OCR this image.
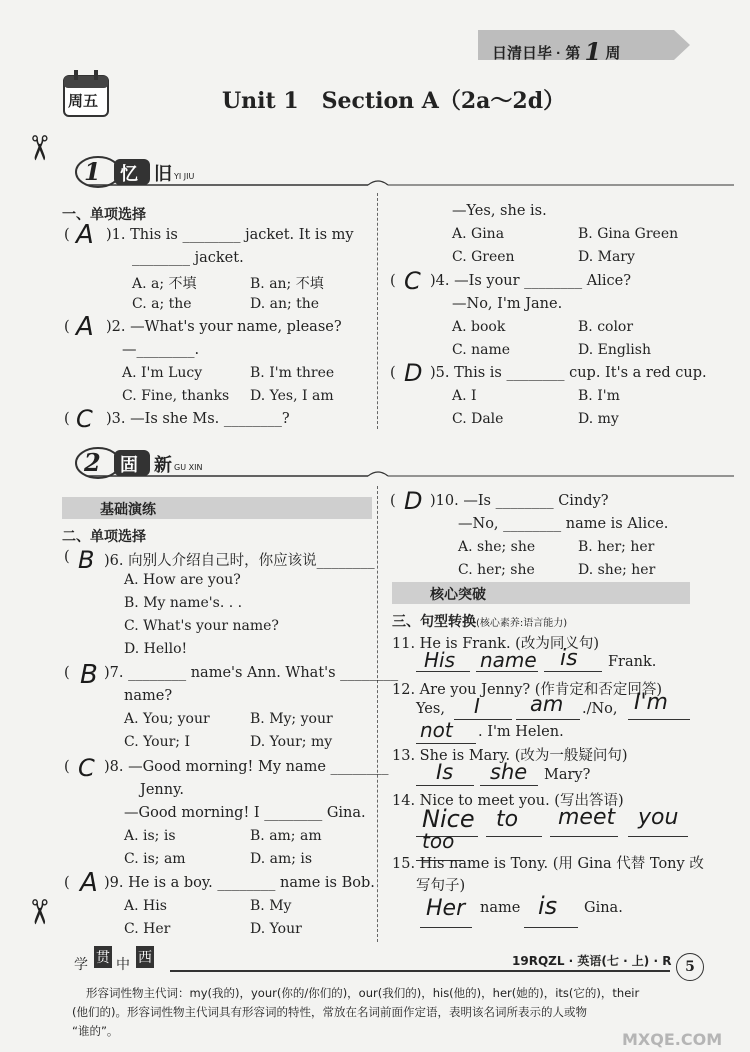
日清日毕 · 第 1 周
周五	Unit 1   Section A（2a～2d）
✂
✂
1 忆 旧 YI JIU
一、单项选择
( A )1. This is ________ jacket. It is my
________ jacket.
A. a; 不填	B. an; 不填
C. a; the	D. an; the
( A )2. —What's your name, please?
—________.
A. I'm Lucy	B. I'm three
C. Fine, thanks D. Yes, I am
( C )3. —Is she Ms. ________?
—Yes, she is.
A. Gina	B. Gina Green
C. Green	D. Mary
( C )4. —Is your ________ Alice?
—No, I'm Jane.
A. book	B. color
C. name	D. English
( D )5. This is ________ cup. It's a red cup.
A. I	B. I'm
C. Dale	D. my
2 固 新 GU XIN
基础演练
二、单项选择
( B )6. 向别人介绍自己时，你应该说________
A. How are you?
B. My name's. . .
C. What's your name?
D. Hello!
( B )7. ________ name's Ann. What's ________
name?
A. You; your	B. My; your
C. Your; I	D. Your; my
( C )8. —Good morning! My name ________
Jenny.
—Good morning! I ________ Gina.
A. is; is	B. am; am
C. is; am	D. am; is
( A )9. He is a boy. ________ name is Bob.
A. His	B. My
C. Her	D. Your
( D )10. —Is ________ Cindy?
—No, ________ name is Alice.
A. she; she	B. her; her
C. her; she	D. she; her
核心突破
三、句型转换(核心素养:语言能力)
11. He is Frank. (改为同义句)
His name is Frank.
12. Are you Jenny? (作肯定和否定回答)
Yes, I am ./No, I'm
not . I'm Helen.
13. She is Mary. (改为一般疑问句)
Is she Mary?
14. Nice to meet you. (写出答语)
Nice to meet you
too
15. His name is Tony. (用 Gina 代替 Tony 改
写句子)
Her name is Gina.
学 贯 中 西	19RQZL · 英语(七 · 上) · R 5
形容词性物主代词：my(我的)，your(你的/你们的)，our(我们的)，his(他的)，her(她的)，its(它的)，their
(他们的)。形容词性物主代词具有形容词的特性，常放在名词前面作定语，表明该名词所表示的人或物
“谁的”。	MXQE.COM
